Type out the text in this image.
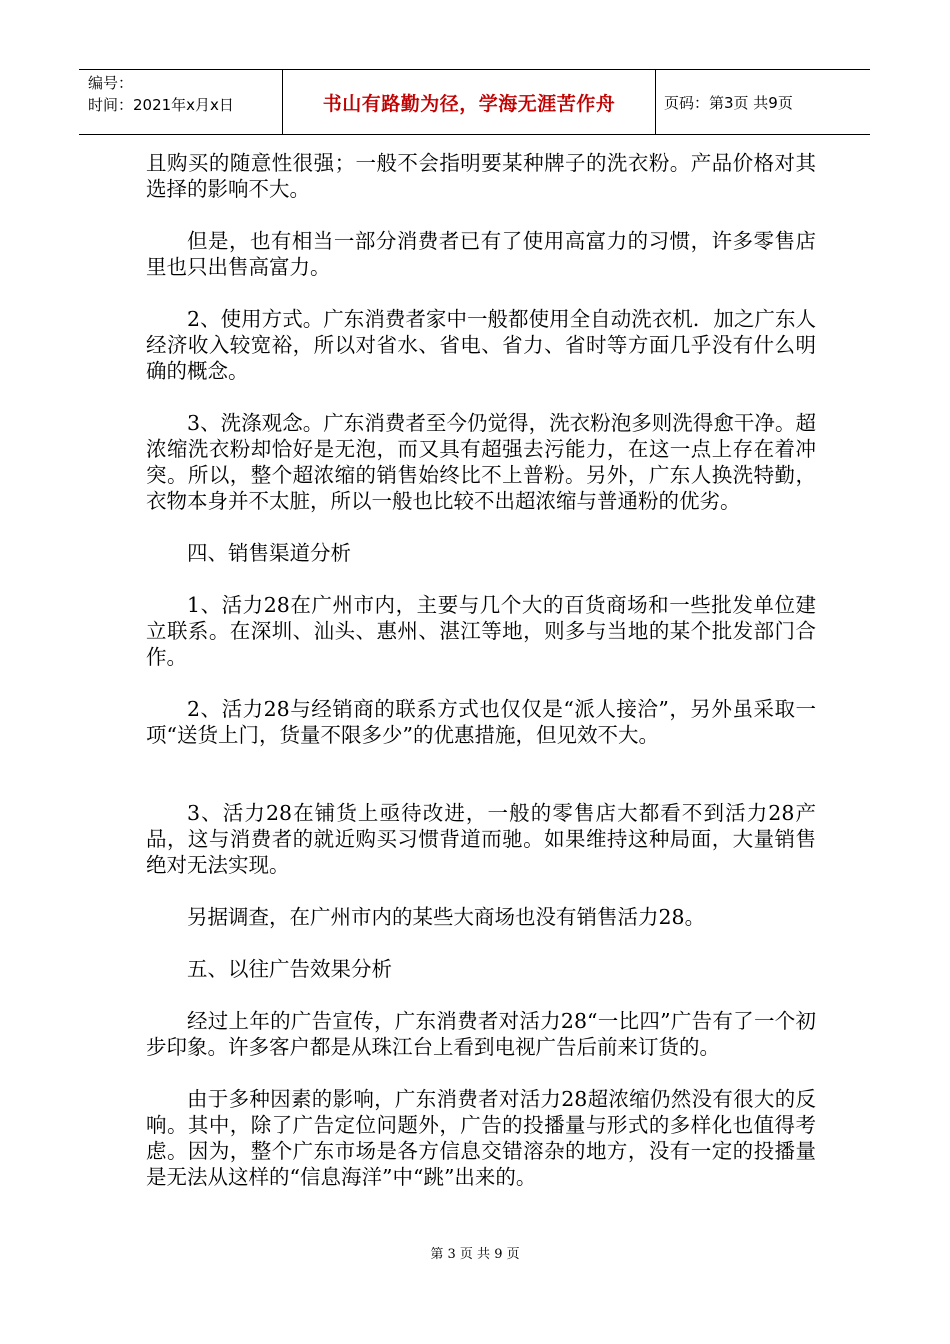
编号：
时间：2021年x月x日	书山有路勤为径，学海无涯苦作舟	页码：第3页 共9页

且购买的随意性很强；一般不会指明要某种牌子的洗衣粉。产品价格对其选择的影响不大。

但是，也有相当一部分消费者已有了使用高富力的习惯，许多零售店里也只出售高富力。

2、使用方式。广东消费者家中一般都使用全自动洗衣机．加之广东人经济收入较宽裕，所以对省水、省电、省力、省时等方面几乎没有什么明确的概念。

3、洗涤观念。广东消费者至今仍觉得，洗衣粉泡多则洗得愈干净。超浓缩洗衣粉却恰好是无泡，而又具有超强去污能力，在这一点上存在着冲突。所以，整个超浓缩的销售始终比不上普粉。另外，广东人换洗特勤，衣物本身并不太脏，所以一般也比较不出超浓缩与普通粉的优劣。

四、销售渠道分析

1、活力28在广州市内，主要与几个大的百货商场和一些批发单位建立联系。在深圳、汕头、惠州、湛江等地，则多与当地的某个批发部门合作。

2、活力28与经销商的联系方式也仅仅是“派人接洽”，另外虽采取一项“送货上门，货量不限多少”的优惠措施，但见效不大。

3、活力28在铺货上亟待改进，一般的零售店大都看不到活力28产品，这与消费者的就近购买习惯背道而驰。如果维持这种局面，大量销售绝对无法实现。

另据调查，在广州市内的某些大商场也没有销售活力28。

五、以往广告效果分析

经过上年的广告宣传，广东消费者对活力28“一比四”广告有了一个初步印象。许多客户都是从珠江台上看到电视广告后前来订货的。

由于多种因素的影响，广东消费者对活力28超浓缩仍然没有很大的反响。其中，除了广告定位问题外，广告的投播量与形式的多样化也值得考虑。因为，整个广东市场是各方信息交错溶杂的地方，没有一定的投播量是无法从这样的“信息海洋”中“跳”出来的。

第 3 页 共 9 页
